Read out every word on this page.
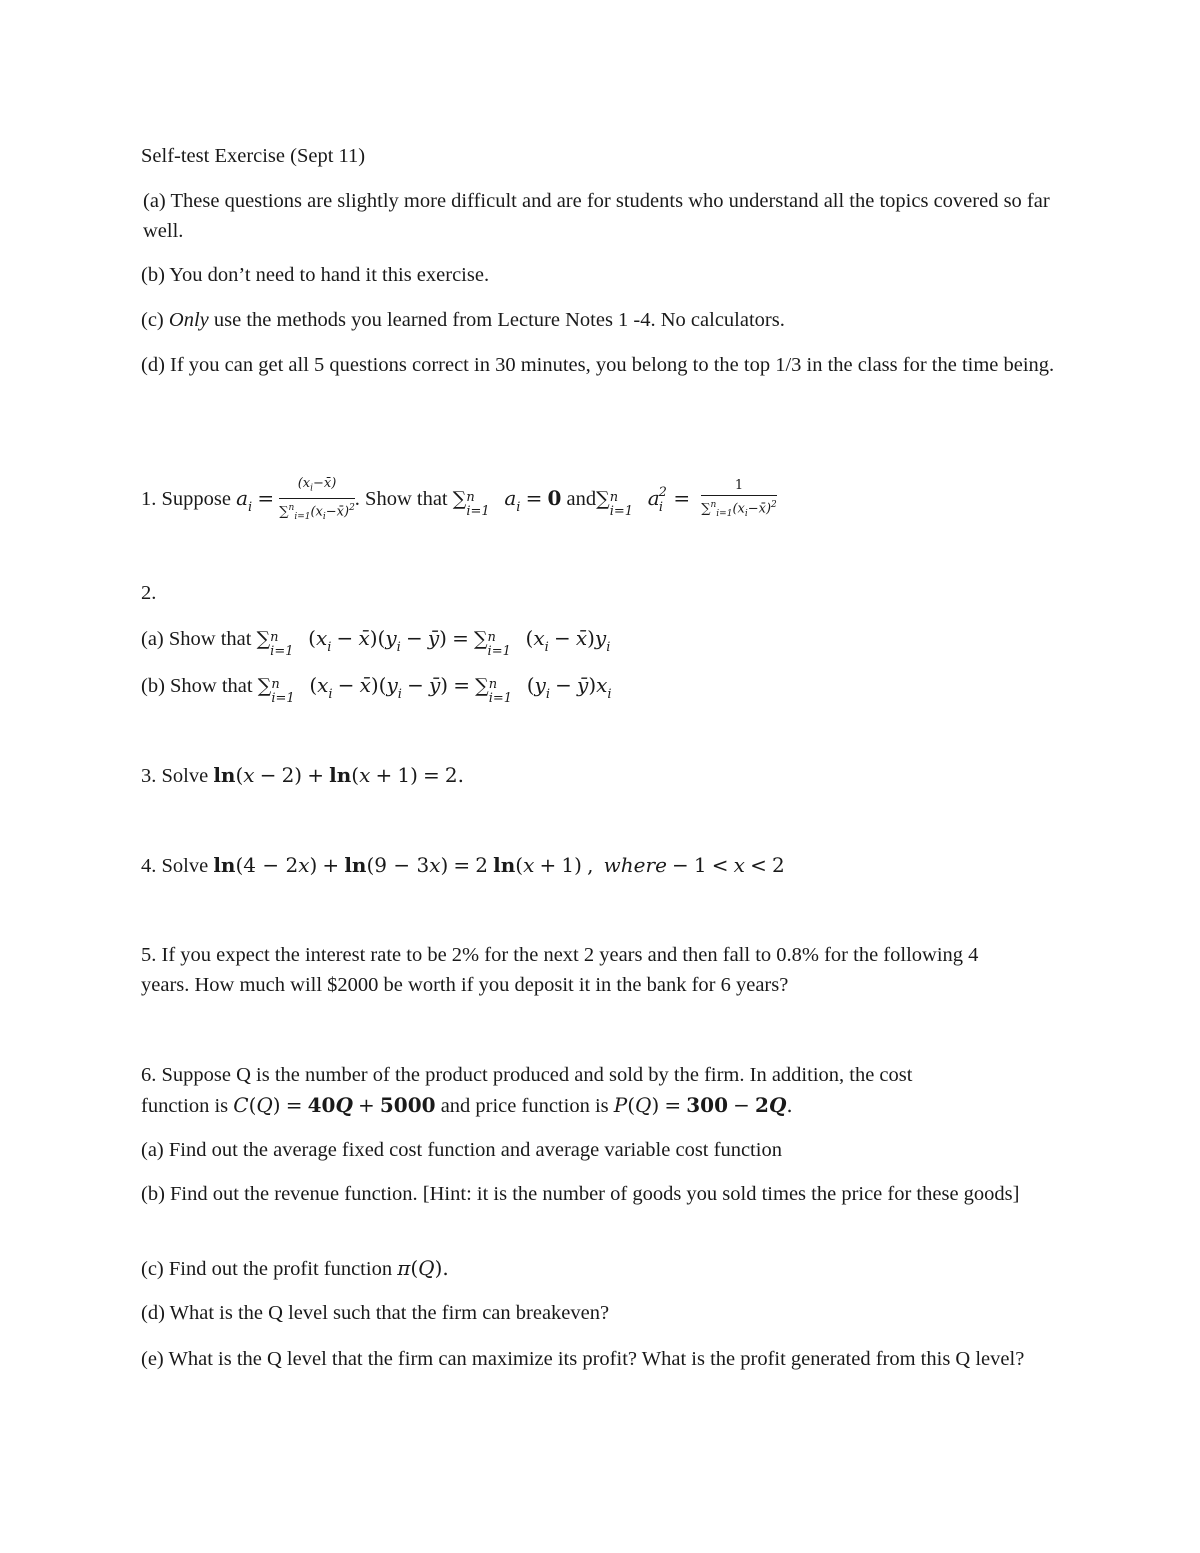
Self-test Exercise (Sept 11)
(a) These questions are slightly more difficult and are for students who understand all the topics covered so far well.
(b) You don’t need to hand it this exercise.
(c) Only use the methods you learned from Lecture Notes 1 -4. No calculators.
(d) If you can get all 5 questions correct in 30 minutes, you belong to the top 1/3 in the class for the time being.
1. Suppose $a_i = \frac{(x_i-x̄)}{\sum^n_{i=1}(x_i-x̄)^2}$ . Show that ∑ n
i=1
$a_i = 0$ and∑ n
i=1
$a^2_i = \frac{1}{\sum^n_{i=1}(x_i-x̄)^2}$
2.
(a) Show that ∑ n
i=1
($x_i$ − $x̄)(y_i$ − ȳ) = ∑ n
i=1
($x_i$ − $x̄)y_i$
(b) Show that ∑ n
i=1
($x_i$ − $x̄)(y_i$ − ȳ) = ∑ n
i=1
($y_i$ − $ȳ)x_i$
3. Solve ln(x − 2) + ln(x + 1) = 2.
4. Solve ln(4 − 2x) + ln(9 − 3x) = 2 ln(x + 1) , where − 1 < x < 2
5. If you expect the interest rate to be 2% for the next 2 years and then fall to 0.8% for the following 4 years. How much will $2000 be worth if you deposit it in the bank for 6 years?
6. Suppose Q is the number of the product produced and sold by the firm. In addition, the cost
function is C(Q) = 40Q + 5000 and price function is P(Q) = 300 − 2Q.
(a) Find out the average fixed cost function and average variable cost function
(b) Find out the revenue function. [Hint: it is the number of goods you sold times the price for these goods]
(c) Find out the profit function π(Q).
(d) What is the Q level such that the firm can breakeven?
(e) What is the Q level that the firm can maximize its profit? What is the profit generated from this Q level?
